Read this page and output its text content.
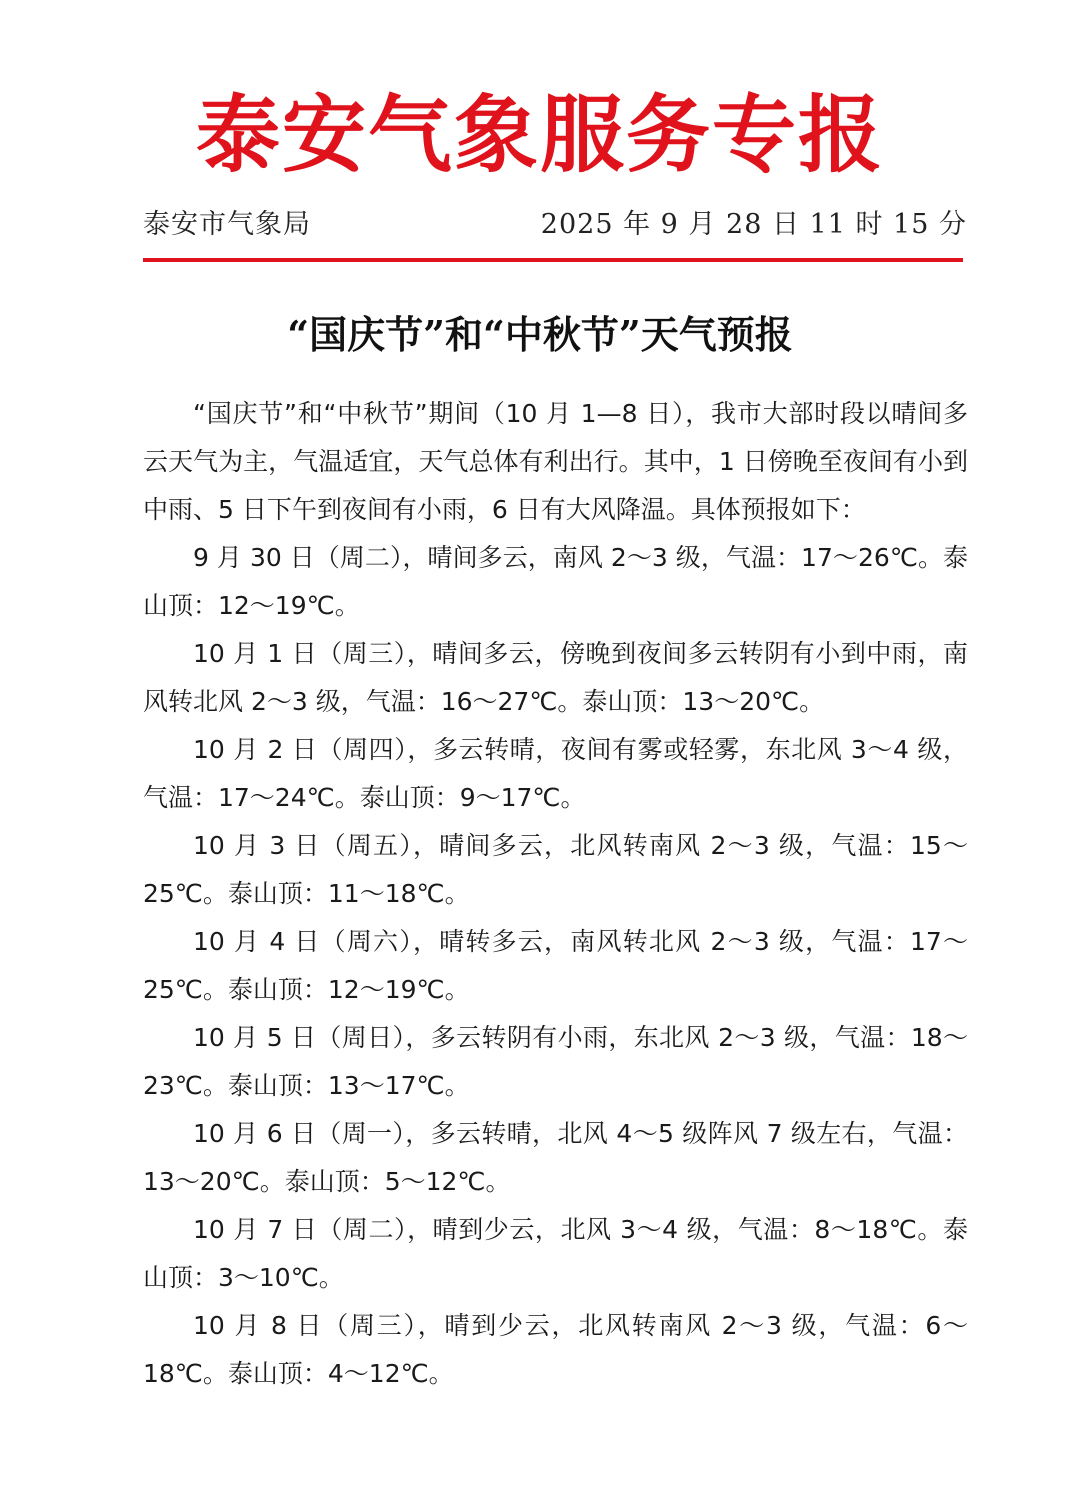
泰安气象服务专报
泰安市气象局	2025 年 9 月 28 日 11 时 15 分
“国庆节”和“中秋节”天气预报

“国庆节”和“中秋节”期间（10 月 1—8 日），我市大部时段以晴间多云天气为主，气温适宜，天气总体有利出行。其中，1 日傍晚至夜间有小到中雨、5 日下午到夜间有小雨，6 日有大风降温。具体预报如下：

9 月 30 日（周二），晴间多云，南风 2～3 级，气温：17～26℃。泰山顶：12～19℃。

10 月 1 日（周三），晴间多云，傍晚到夜间多云转阴有小到中雨，南风转北风 2～3 级，气温：16～27℃。泰山顶：13～20℃。

10 月 2 日（周四），多云转晴，夜间有雾或轻雾，东北风 3～4 级，气温：17～24℃。泰山顶：9～17℃。

10 月 3 日（周五），晴间多云，北风转南风 2～3 级，气温：15～25℃。泰山顶：11～18℃。

10 月 4 日（周六），晴转多云，南风转北风 2～3 级，气温：17～25℃。泰山顶：12～19℃。

10 月 5 日（周日），多云转阴有小雨，东北风 2～3 级，气温：18～23℃。泰山顶：13～17℃。

10 月 6 日（周一），多云转晴，北风 4～5 级阵风 7 级左右，气温：13～20℃。泰山顶：5～12℃。

10 月 7 日（周二），晴到少云，北风 3～4 级，气温：8～18℃。泰山顶：3～10℃。

10 月 8 日（周三），晴到少云，北风转南风 2～3 级，气温：6～18℃。泰山顶：4～12℃。
